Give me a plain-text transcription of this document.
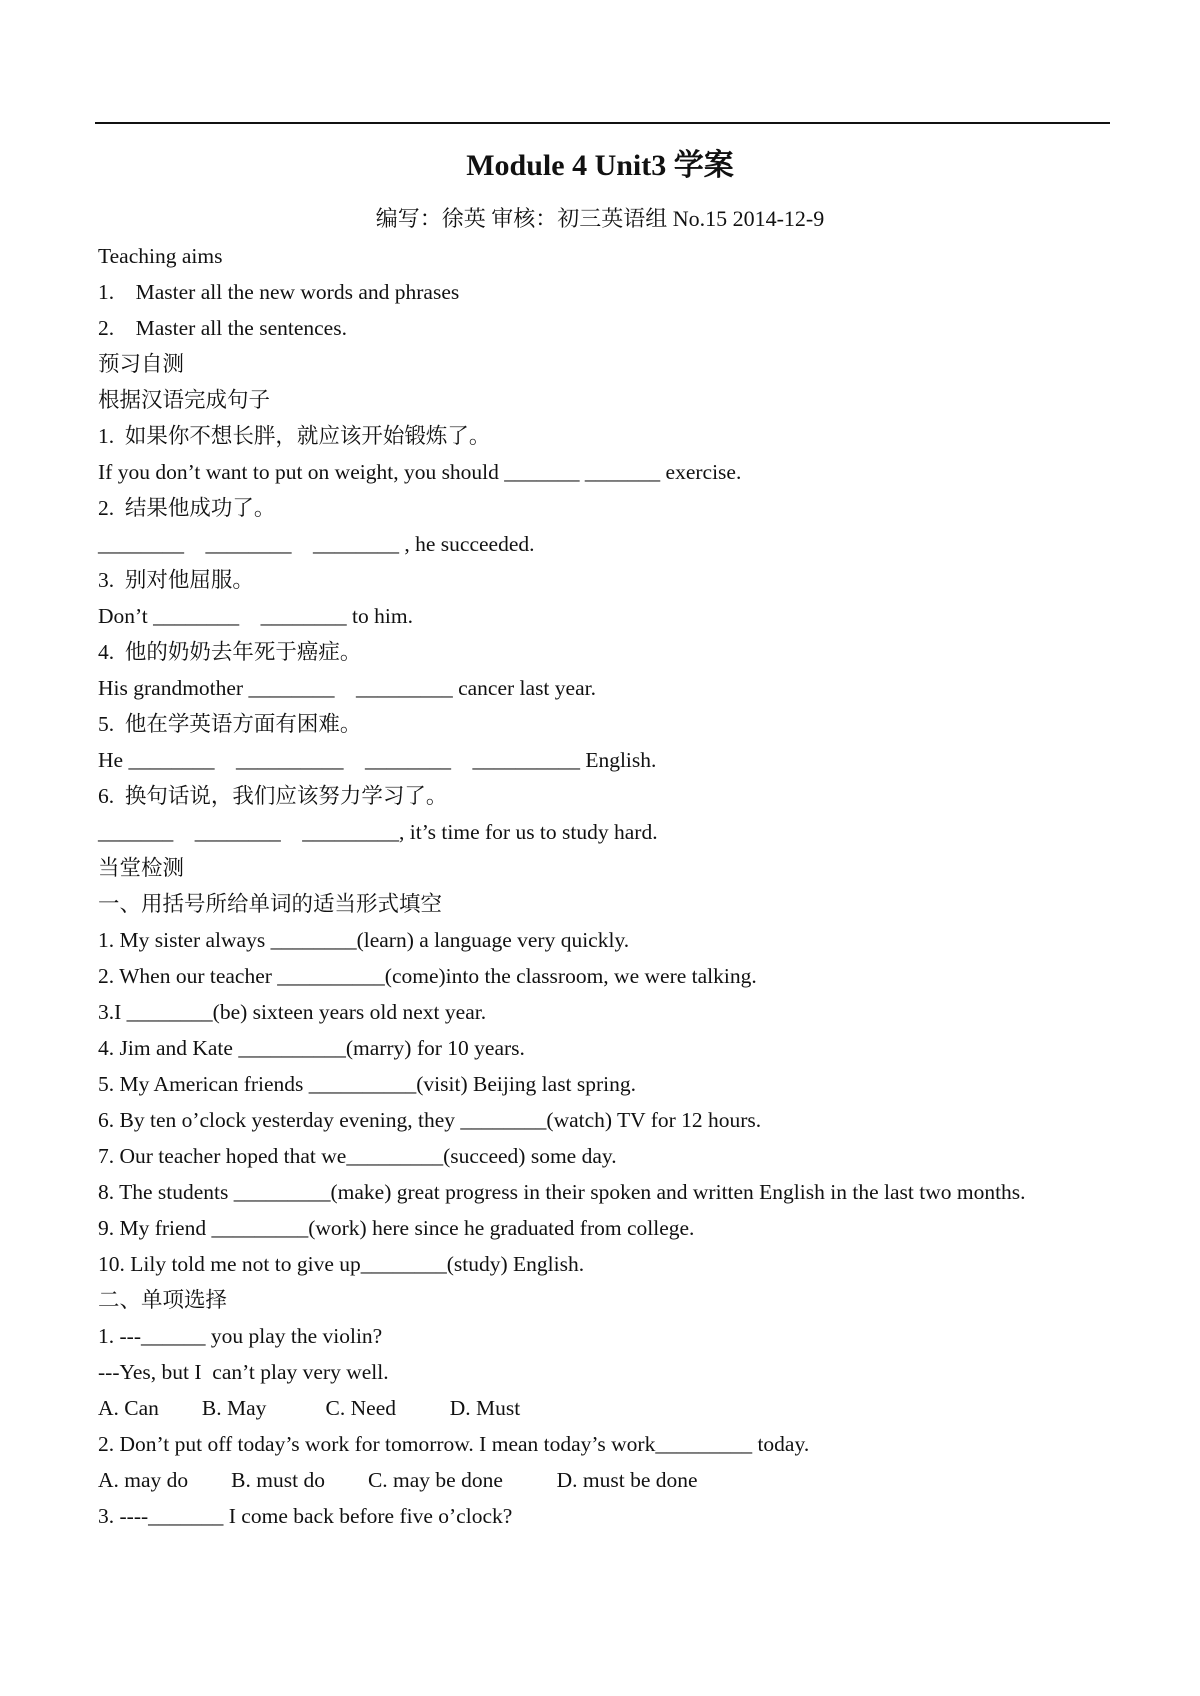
Module 4 Unit3 学案
编写：徐英 审核：初三英语组 No.15 2014-12-9
Teaching aims
1.    Master all the new words and phrases
2.    Master all the sentences.
预习自测
根据汉语完成句子
1.  如果你不想长胖，就应该开始锻炼了。
If you don’t want to put on weight, you should _______ _______ exercise.
2.  结果他成功了。
________    ________    ________ , he succeeded.
3.  别对他屈服。
Don’t ________    ________ to him.
4.  他的奶奶去年死于癌症。
His grandmother ________    _________ cancer last year.
5.  他在学英语方面有困难。
He ________    __________    ________    __________ English.
6.  换句话说，我们应该努力学习了。
_______    ________    _________, it’s time for us to study hard.
当堂检测
一、用括号所给单词的适当形式填空
1. My sister always ________(learn) a language very quickly.
2. When our teacher __________(come)into the classroom, we were talking.
3.I ________(be) sixteen years old next year.
4. Jim and Kate __________(marry) for 10 years.
5. My American friends __________(visit) Beijing last spring.
6. By ten o’clock yesterday evening, they ________(watch) TV for 12 hours.
7. Our teacher hoped that we_________(succeed) some day.
8. The students _________(make) great progress in their spoken and written English in the last two months.
9. My friend _________(work) here since he graduated from college.
10. Lily told me not to give up________(study) English.
二、单项选择
1. ---______ you play the violin?
---Yes, but I  can’t play very well.
A. Can        B. May           C. Need          D. Must
2. Don’t put off today’s work for tomorrow. I mean today’s work_________ today.
A. may do        B. must do        C. may be done          D. must be done
3. ----_______ I come back before five o’clock?
